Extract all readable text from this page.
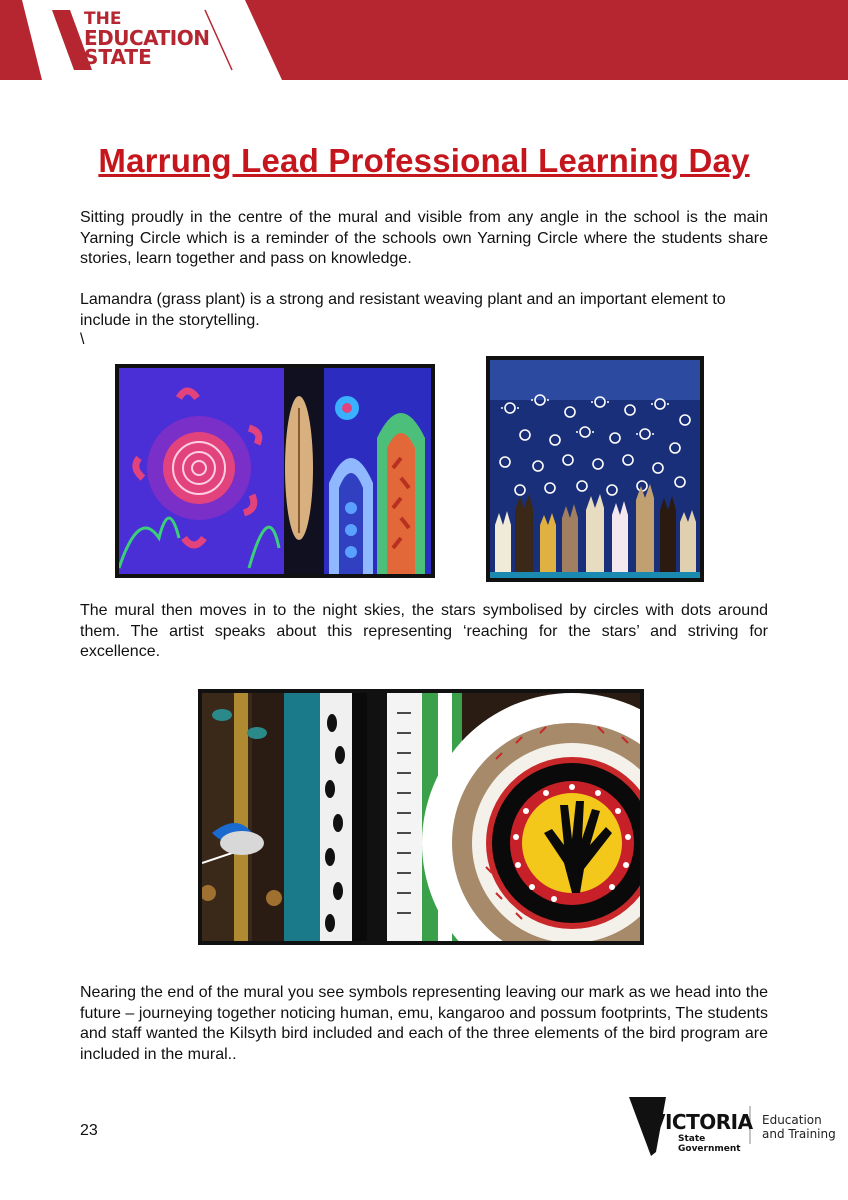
THE
EDUCATION
STATE
Marrung Lead Professional Learning Day

Sitting proudly in the centre of the mural and visible from any angle in the school is the main Yarning Circle which is a reminder of the schools own Yarning Circle where the students share stories, learn together and pass on knowledge.

Lamandra (grass plant) is a strong and resistant weaving plant and an important element to include in the storytelling.

\

The mural then moves in to the night skies, the stars symbolised by circles with dots around them. The artist speaks about this representing ‘reaching for the stars’ and striving for excellence.

Nearing the end of the mural you see symbols representing leaving our mark as we head into the future – journeying together noticing human, emu, kangaroo and possum footprints, The students and staff wanted the Kilsyth bird included and each of the three elements of the bird program are included in the mural..

23	VICTORIA
State
Government
Education
and Training
